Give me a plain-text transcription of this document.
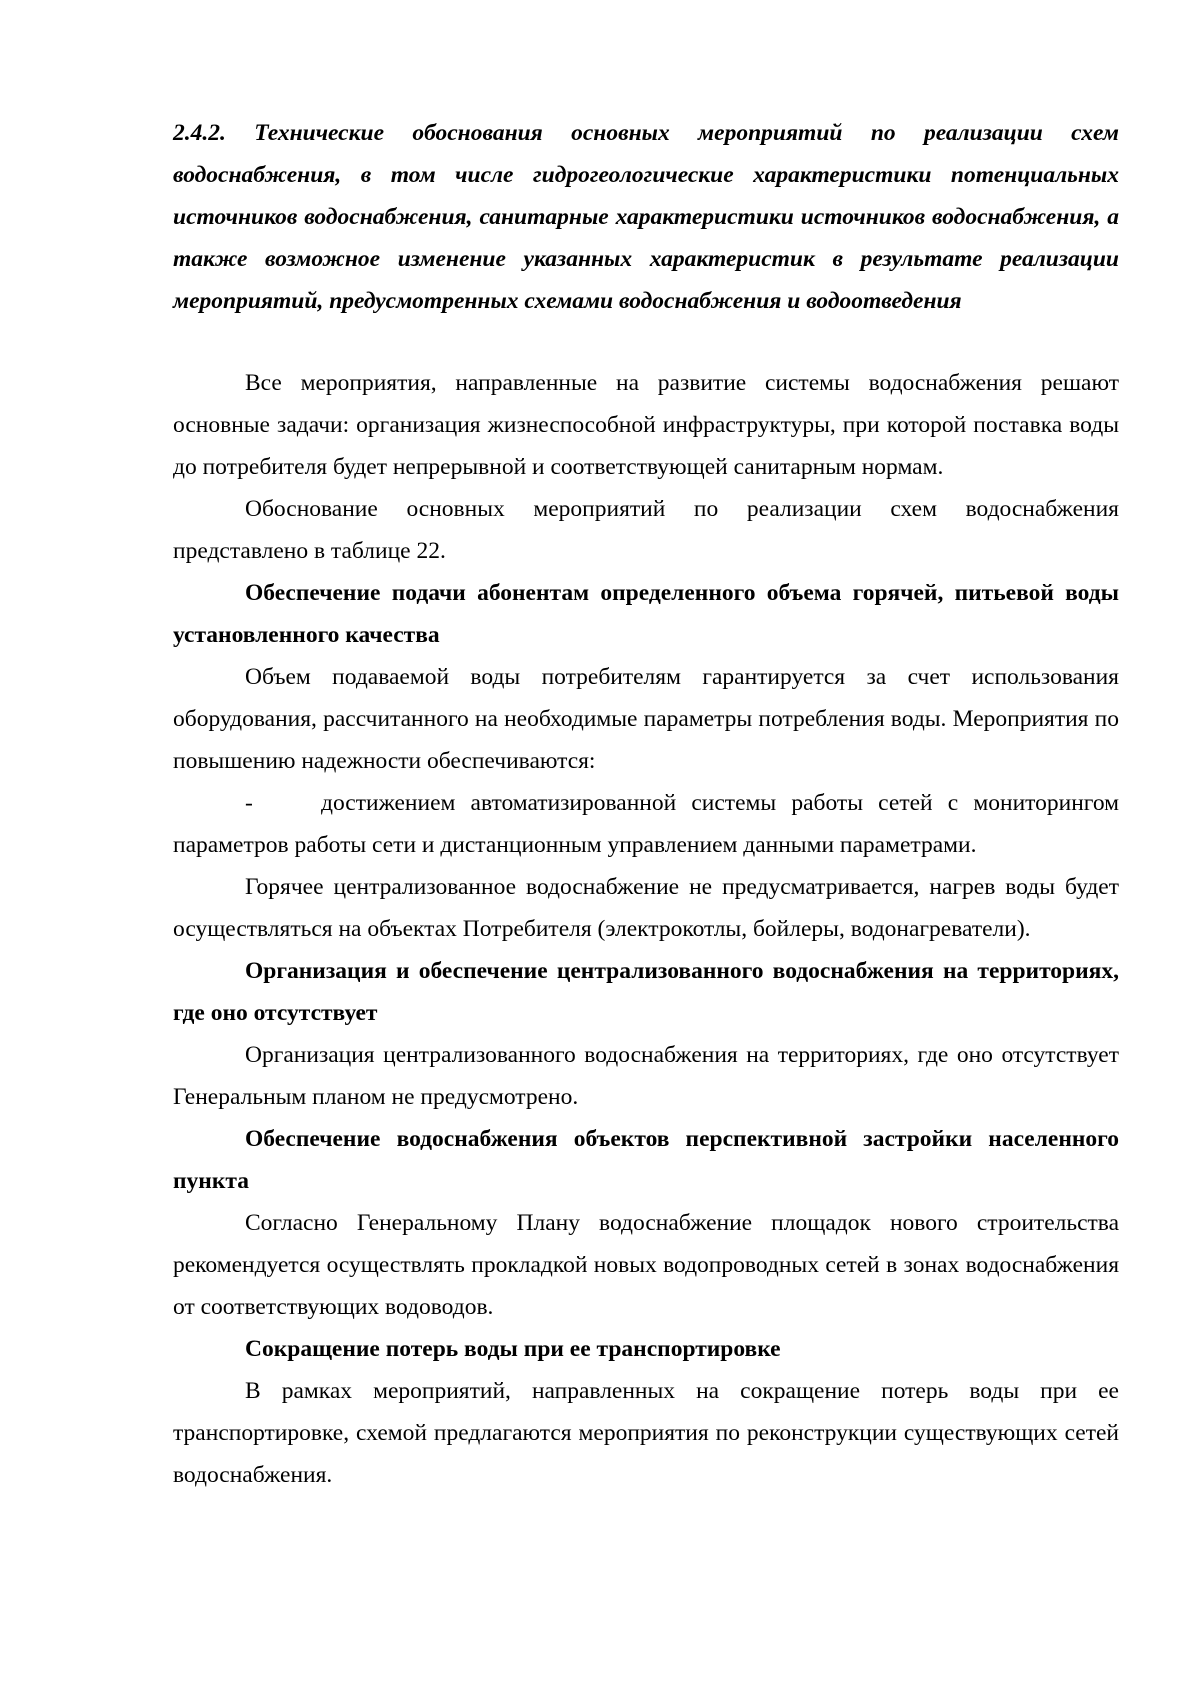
2.4.2. Технические обоснования основных мероприятий по реализации схем водоснабжения, в том числе гидрогеологические характеристики потенциальных источников водоснабжения, санитарные характеристики источников водоснабжения, а также возможное изменение указанных характеристик в результате реализации мероприятий, предусмотренных схемами водоснабжения и водоотведения

Все мероприятия, направленные на развитие системы водоснабжения решают основные задачи: организация жизнеспособной инфраструктуры, при которой поставка воды до потребителя будет непрерывной и соответствующей санитарным нормам.

Обоснование основных мероприятий по реализации схем водоснабжения представлено в таблице 22.

Обеспечение подачи абонентам определенного объема горячей, питьевой воды установленного качества

Объем подаваемой воды потребителям гарантируется за счет использования оборудования, рассчитанного на необходимые параметры потребления воды. Мероприятия по повышению надежности обеспечиваются:

-	достижением автоматизированной системы работы сетей с мониторингом параметров работы сети и дистанционным управлением данными параметрами.

Горячее централизованное водоснабжение не предусматривается, нагрев воды будет осуществляться на объектах Потребителя (электрокотлы, бойлеры, водонагреватели).

Организация и обеспечение централизованного водоснабжения на территориях, где оно отсутствует

Организация централизованного водоснабжения на территориях, где оно отсутствует Генеральным планом не предусмотрено.

Обеспечение водоснабжения объектов перспективной застройки населенного пункта

Согласно Генеральному Плану водоснабжение площадок нового строительства рекомендуется осуществлять прокладкой новых водопроводных сетей в зонах водоснабжения от соответствующих водоводов.

Сокращение потерь воды при ее транспортировке

В рамках мероприятий, направленных на сокращение потерь воды при ее транспортировке, схемой предлагаются мероприятия по реконструкции существующих сетей водоснабжения.
